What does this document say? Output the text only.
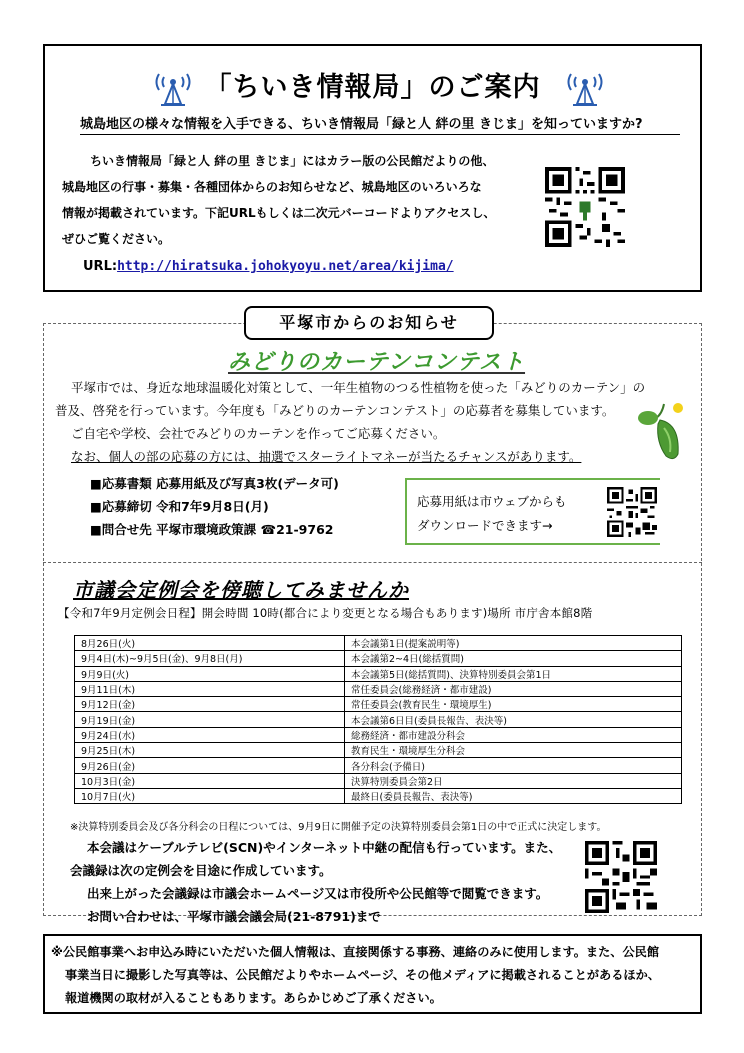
「ちいき情報局」のご案内
城島地区の様々な情報を入手できる、ちいき情報局「緑と人 絆の里 きじま」を知っていますか?
ちいき情報局「緑と人 絆の里 きじま」にはカラー版の公民館だよりの他、
城島地区の行事・募集・各種団体からのお知らせなど、城島地区のいろいろな
情報が掲載されています。下記URLもしくは二次元バーコードよりアクセスし、
ぜひご覧ください。
URL:http://hiratsuka.johokyoyu.net/area/kijima/
平塚市からのお知らせ
みどりのカーテンコンテスト
平塚市では、身近な地球温暖化対策として、一年生植物のつる性植物を使った「みどりのカーテン」の
普及、啓発を行っています。今年度も「みどりのカーテンコンテスト」の応募者を募集しています。
ご自宅や学校、会社でみどりのカーテンを作ってご応募ください。
なお、個人の部の応募の方には、抽選でスターライトマネーが当たるチャンスがあります。
■応募書類 応募用紙及び写真3枚(データ可)
■応募締切 令和7年9月8日(月)
■問合せ先 平塚市環境政策課 ☎21-9762
応募用紙は市ウェブからも
ダウンロードできます→
市議会定例会を傍聴してみませんか
【令和7年9月定例会日程】開会時間 10時(都合により変更となる場合もあります)場所 市庁舎本館8階
8月26日(火)	本会議第1日(提案説明等)
9月4日(木)~9月5日(金)、9月8日(月)	本会議第2~4日(総括質問)
9月9日(火)	本会議第5日(総括質問)、決算特別委員会第1日
9月11日(木)	常任委員会(総務経済・都市建設)
9月12日(金)	常任委員会(教育民生・環境厚生)
9月19日(金)	本会議第6日目(委員長報告、表決等)
9月24日(水)	総務経済・都市建設分科会
9月25日(木)	教育民生・環境厚生分科会
9月26日(金)	各分科会(予備日)
10月3日(金)	決算特別委員会第2日
10月7日(火)	最終日(委員長報告、表決等)
※決算特別委員会及び各分科会の日程については、9月9日に開催予定の決算特別委員会第1日の中で正式に決定します。
本会議はケーブルテレビ(SCN)やインターネット中継の配信も行っています。また、
会議録は次の定例会を目途に作成しています。
出来上がった会議録は市議会ホームページ又は市役所や公民館等で閲覧できます。
お問い合わせは、平塚市議会議会局(21-8791)まで
※公民館事業へお申込み時にいただいた個人情報は、直接関係する事務、連絡のみに使用します。また、公民館
事業当日に撮影した写真等は、公民館だよりやホームページ、その他メディアに掲載されることがあるほか、
報道機関の取材が入ることもあります。あらかじめご了承ください。
